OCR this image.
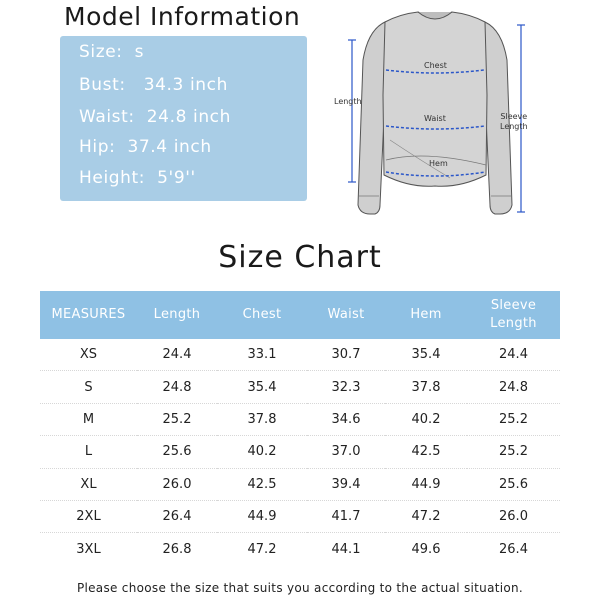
Model Information
Size:  s
Bust:   34.3 inch
Waist:  24.8 inch
Hip:  37.4 inch
Height:  5'9''
Length
Chest
Waist
Hem
Sleeve
Length
Size Chart
MEASURES	Length	Chest	Waist	Hem	Sleeve Length
XS	24.4	33.1	30.7	35.4	24.4
S	24.8	35.4	32.3	37.8	24.8
M	25.2	37.8	34.6	40.2	25.2
L	25.6	40.2	37.0	42.5	25.2
XL	26.0	42.5	39.4	44.9	25.6
2XL	26.4	44.9	41.7	47.2	26.0
3XL	26.8	47.2	44.1	49.6	26.4
Please choose the size that suits you according to the actual situation.
